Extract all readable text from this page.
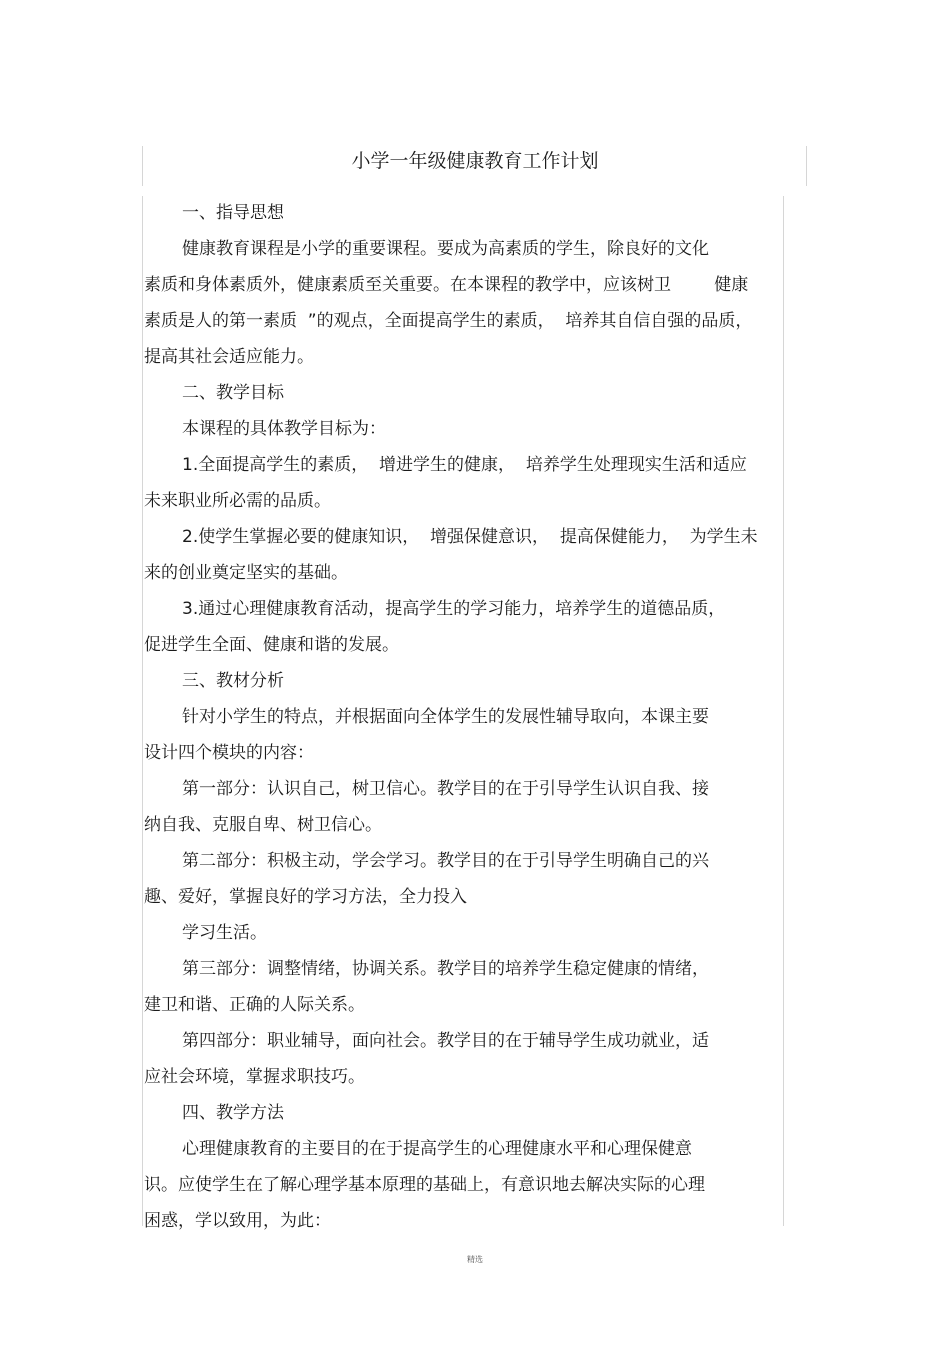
小学一年级健康教育工作计划
一、指导思想
健康教育课程是小学的重要课程。要成为高素质的学生，除良好的文化
素质和身体素质外，健康素质至关重要。在本课程的教学中，应该树卫        健康
素质是人的第一素质  ”的观点，全面提高学生的素质，  培养其自信自强的品质，
提高其社会适应能力。
二、教学目标
本课程的具体教学目标为：
1.全面提高学生的素质，  增进学生的健康，  培养学生处理现实生活和适应
未来职业所必需的品质。
2.使学生掌握必要的健康知识，  增强保健意识，  提高保健能力，  为学生未
来的创业奠定坚实的基础。
3.通过心理健康教育活动，提高学生的学习能力，培养学生的道德品质，
促进学生全面、健康和谐的发展。
三、教材分析
针对小学生的特点，并根据面向全体学生的发展性辅导取向，本课主要
设计四个模块的内容：
第一部分：认识自己，树卫信心。教学目的在于引导学生认识自我、接
纳自我、克服自卑、树卫信心。
第二部分：积极主动，学会学习。教学目的在于引导学生明确自己的兴
趣、爱好，掌握良好的学习方法，全力投入
学习生活。
第三部分：调整情绪，协调关系。教学目的培养学生稳定健康的情绪，
建卫和谐、正确的人际关系。
第四部分：职业辅导，面向社会。教学目的在于辅导学生成功就业，适
应社会环境，掌握求职技巧。
四、教学方法
心理健康教育的主要目的在于提高学生的心理健康水平和心理保健意
识。应使学生在了解心理学基本原理的基础上，有意识地去解决实际的心理
困惑，学以致用，为此：
精选
